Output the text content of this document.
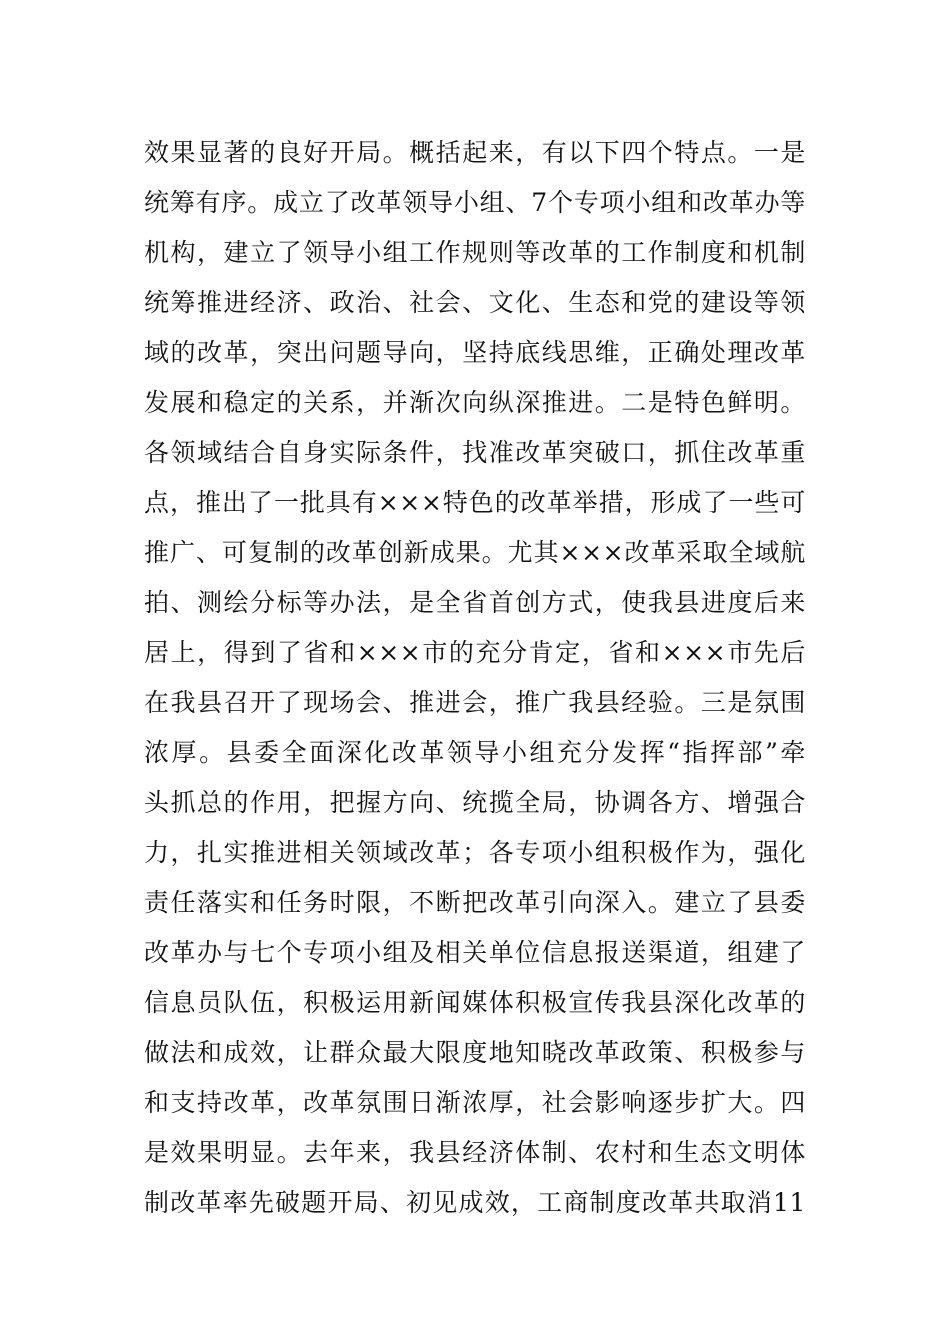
效果显著的良好开局。概括起来，有以下四个特点。一是
统筹有序。成立了改革领导小组、7个专项小组和改革办等
机构，建立了领导小组工作规则等改革的工作制度和机制
统筹推进经济、政治、社会、文化、生态和党的建设等领
域的改革，突出问题导向，坚持底线思维，正确处理改革
发展和稳定的关系，并渐次向纵深推进。二是特色鲜明。
各领域结合自身实际条件，找准改革突破口，抓住改革重
点，推出了一批具有×××特色的改革举措，形成了一些可
推广、可复制的改革创新成果。尤其×××改革采取全域航
拍、测绘分标等办法，是全省首创方式，使我县进度后来
居上，得到了省和×××市的充分肯定，省和×××市先后
在我县召开了现场会、推进会，推广我县经验。三是氛围
浓厚。县委全面深化改革领导小组充分发挥“指挥部”牵
头抓总的作用，把握方向、统揽全局，协调各方、增强合
力，扎实推进相关领域改革；各专项小组积极作为，强化
责任落实和任务时限，不断把改革引向深入。建立了县委
改革办与七个专项小组及相关单位信息报送渠道，组建了
信息员队伍，积极运用新闻媒体积极宣传我县深化改革的
做法和成效，让群众最大限度地知晓改革政策、积极参与
和支持改革，改革氛围日渐浓厚，社会影响逐步扩大。四
是效果明显。去年来，我县经济体制、农村和生态文明体
制改革率先破题开局、初见成效，工商制度改革共取消11
